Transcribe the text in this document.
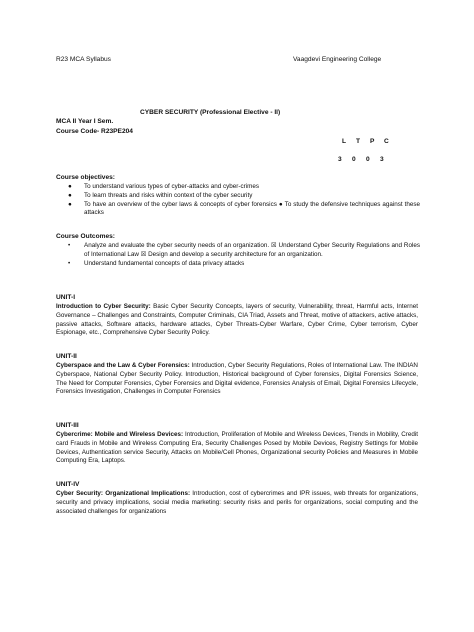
R23 MCA Syllabus	Vaagdevi Engineering College
CYBER SECURITY (Professional Elective - II)
MCA II Year I Sem.
Course Code- R23PE204
L T P C
3 0 0 3
Course objectives:
● To understand various types of cyber-attacks and cyber-crimes
● To learn threats and risks within context of the cyber security
● To have an overview of the cyber laws & concepts of cyber forensics ● To study the defensive techniques against these attacks
Course Outcomes:
• Analyze and evaluate the cyber security needs of an organization. ☒ Understand Cyber Security Regulations and Roles of International Law ☒ Design and develop a security architecture for an organization.
• Understand fundamental concepts of data privacy attacks
UNIT-I

Introduction to Cyber Security: Basic Cyber Security Concepts, layers of security, Vulnerability, threat, Harmful acts, Internet Governance – Challenges and Constraints, Computer Criminals, CIA Triad, Assets and Threat, motive of attackers, active attacks, passive attacks, Software attacks, hardware attacks, Cyber Threats-Cyber Warfare, Cyber Crime, Cyber terrorism, Cyber Espionage, etc., Comprehensive Cyber Security Policy.

UNIT-II

Cyberspace and the Law & Cyber Forensics: Introduction, Cyber Security Regulations, Roles of International Law. The INDIAN Cyberspace, National Cyber Security Policy. Introduction, Historical background of Cyber forensics, Digital Forensics Science, The Need for Computer Forensics, Cyber Forensics and Digital evidence, Forensics Analysis of Email, Digital Forensics Lifecycle, Forensics Investigation, Challenges in Computer Forensics

UNIT-III

Cybercrime: Mobile and Wireless Devices: Introduction, Proliferation of Mobile and Wireless Devices, Trends in Mobility, Credit card Frauds in Mobile and Wireless Computing Era, Security Challenges Posed by Mobile Devices, Registry Settings for Mobile Devices, Authentication service Security, Attacks on Mobile/Cell Phones, Organizational security Policies and Measures in Mobile Computing Era, Laptops.

UNIT-IV

Cyber Security: Organizational Implications: Introduction, cost of cybercrimes and IPR issues, web threats for organizations, security and privacy implications, social media marketing: security risks and perils for organizations, social computing and the associated challenges for organizations
